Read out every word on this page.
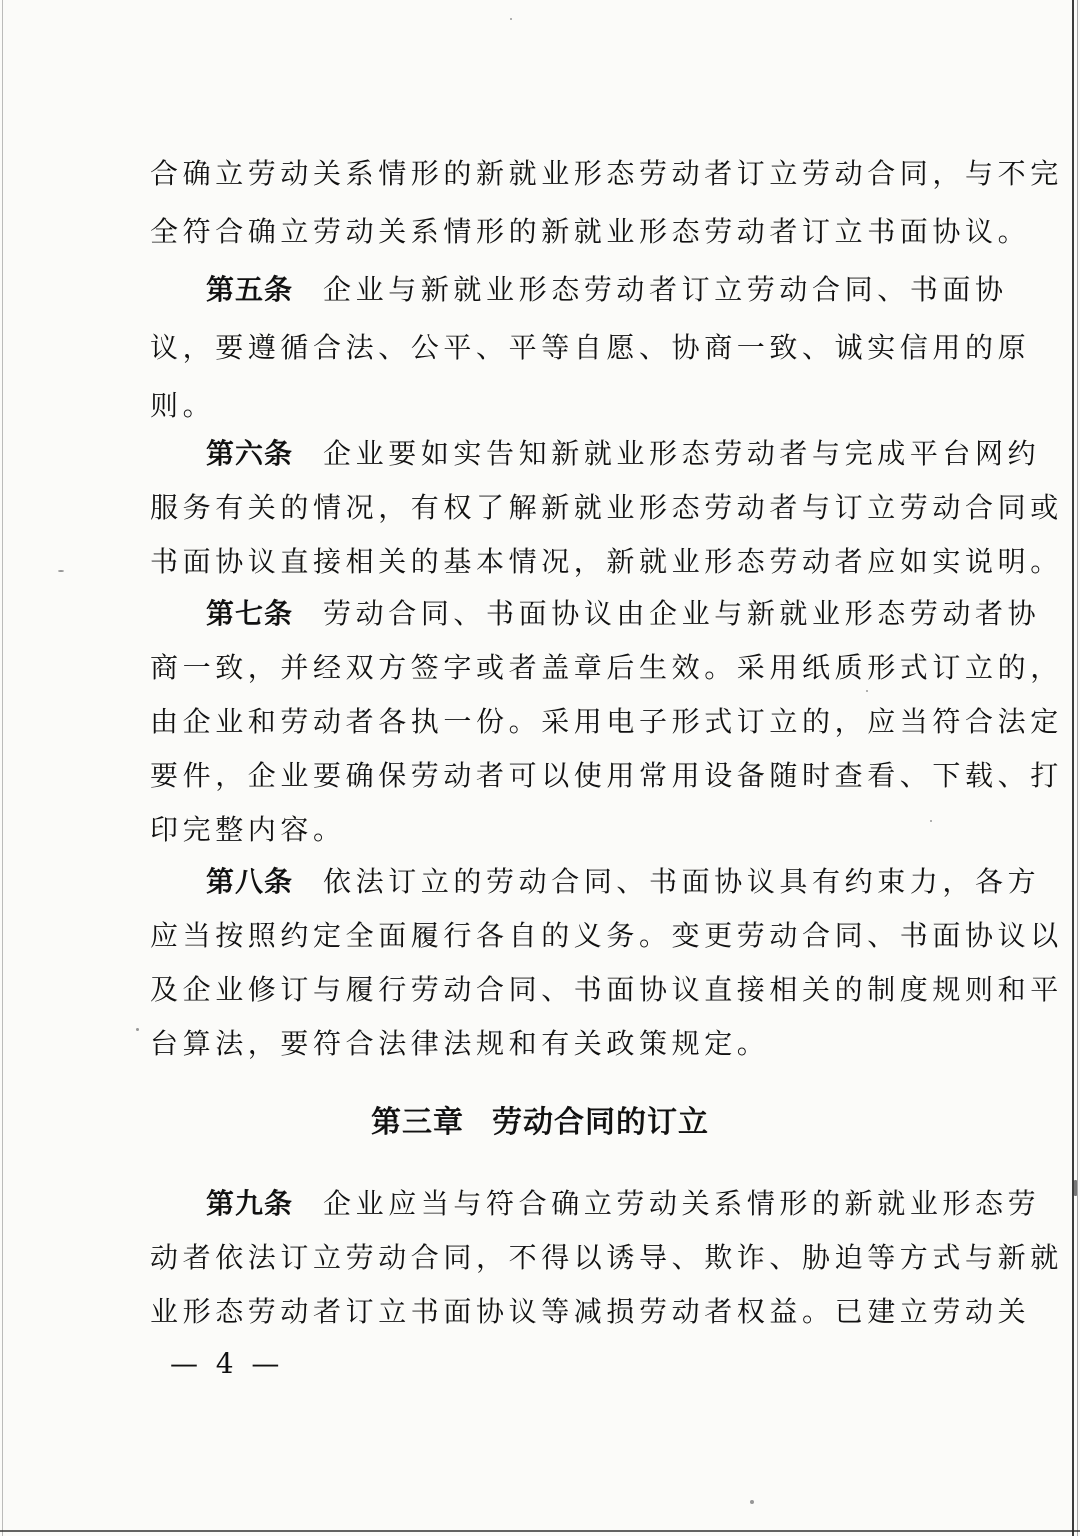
合确立劳动关系情形的新就业形态劳动者订立劳动合同，与不完
全符合确立劳动关系情形的新就业形态劳动者订立书面协议。
第五条 企业与新就业形态劳动者订立劳动合同、书面协
议，要遵循合法、公平、平等自愿、协商一致、诚实信用的原
则。
第六条 企业要如实告知新就业形态劳动者与完成平台网约
服务有关的情况，有权了解新就业形态劳动者与订立劳动合同或
书面协议直接相关的基本情况，新就业形态劳动者应如实说明。
第七条 劳动合同、书面协议由企业与新就业形态劳动者协
商一致，并经双方签字或者盖章后生效。采用纸质形式订立的，
由企业和劳动者各执一份。采用电子形式订立的，应当符合法定
要件，企业要确保劳动者可以使用常用设备随时查看、下载、打
印完整内容。
第八条 依法订立的劳动合同、书面协议具有约束力，各方
应当按照约定全面履行各自的义务。变更劳动合同、书面协议以
及企业修订与履行劳动合同、书面协议直接相关的制度规则和平
台算法，要符合法律法规和有关政策规定。
第三章 劳动合同的订立
第九条 企业应当与符合确立劳动关系情形的新就业形态劳
动者依法订立劳动合同，不得以诱导、欺诈、胁迫等方式与新就
业形态劳动者订立书面协议等减损劳动者权益。已建立劳动关
—  4  —
